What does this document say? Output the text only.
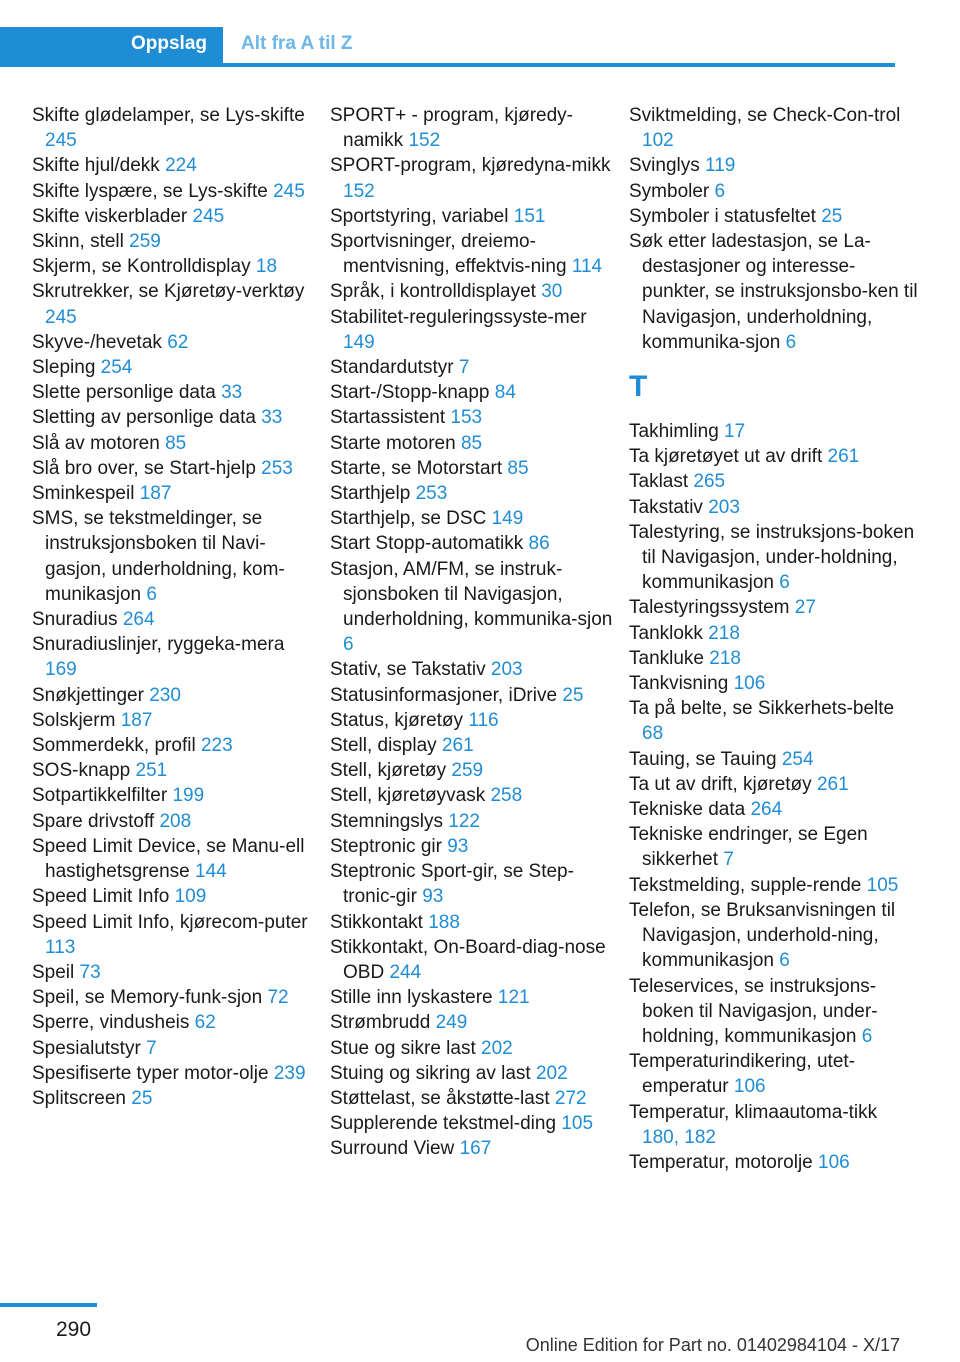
Oppslag	Alt fra A til Z
Skifte glødelamper, se Lys-skifte 245
Skifte hjul/dekk 224
Skifte lyspære, se Lys-skifte 245
Skifte viskerblader 245
Skinn, stell 259
Skjerm, se Kontrolldisplay 18
Skrutrekker, se Kjøretøy-verktøy 245
Skyve-/hevetak 62
Sleping 254
Slette personlige data 33
Sletting av personlige data 33
Slå av motoren 85
Slå bro over, se Start-hjelp 253
Sminkespeil 187
SMS, se tekstmeldinger, se instruksjonsboken til Navi-gasjon, underholdning, kom-munikasjon 6
Snuradius 264
Snuradiuslinjer, ryggeka-mera 169
Snøkjettinger 230
Solskjerm 187
Sommerdekk, profil 223
SOS-knapp 251
Sotpartikkelfilter 199
Spare drivstoff 208
Speed Limit Device, se Manu-ell hastighetsgrense 144
Speed Limit Info 109
Speed Limit Info, kjørecom-puter 113
Speil 73
Speil, se Memory-funk-sjon 72
Sperre, vindusheis 62
Spesialutstyr 7
Spesifiserte typer motor-olje 239
Splitscreen 25
SPORT+ - program, kjøredy-namikk 152
SPORT-program, kjøredyna-mikk 152
Sportstyring, variabel 151
Sportvisninger, dreiemo-mentvisning, effektvis-ning 114
Språk, i kontrolldisplayet 30
Stabilitet-reguleringssyste-mer 149
Standardutstyr 7
Start-/Stopp-knapp 84
Startassistent 153
Starte motoren 85
Starte, se Motorstart 85
Starthjelp 253
Starthjelp, se DSC 149
Start Stopp-automatikk 86
Stasjon, AM/FM, se instruk-sjonsboken til Navigasjon, underholdning, kommunika-sjon 6
Stativ, se Takstativ 203
Statusinformasjoner, iDrive 25
Status, kjøretøy 116
Stell, display 261
Stell, kjøretøy 259
Stell, kjøretøyvask 258
Stemningslys 122
Steptronic gir 93
Steptronic Sport-gir, se Step-tronic-gir 93
Stikkontakt 188
Stikkontakt, On-Board-diag-nose OBD 244
Stille inn lyskastere 121
Strømbrudd 249
Stue og sikre last 202
Stuing og sikring av last 202
Støttelast, se åkstøtte-last 272
Supplerende tekstmel-ding 105
Surround View 167
Sviktmelding, se Check-Con-trol 102
Svinglys 119
Symboler 6
Symboler i statusfeltet 25
Søk etter ladestasjon, se La-destasjoner og interesse-punkter, se instruksjonsbo-ken til Navigasjon, underholdning, kommunika-sjon 6
T
Takhimling 17
Ta kjøretøyet ut av drift 261
Taklast 265
Takstativ 203
Talestyring, se instruksjons-boken til Navigasjon, under-holdning, kommunikasjon 6
Talestyringssystem 27
Tanklokk 218
Tankluke 218
Tankvisning 106
Ta på belte, se Sikkerhets-belte 68
Tauing, se Tauing 254
Ta ut av drift, kjøretøy 261
Tekniske data 264
Tekniske endringer, se Egen sikkerhet 7
Tekstmelding, supple-rende 105
Telefon, se Bruksanvisningen til Navigasjon, underhold-ning, kommunikasjon 6
Teleservices, se instruksjons-boken til Navigasjon, under-holdning, kommunikasjon 6
Temperaturindikering, utet-emperatur 106
Temperatur, klimaautoma-tikk 180, 182
Temperatur, motorolje 106
290
Online Edition for Part no. 01402984104 - X/17
